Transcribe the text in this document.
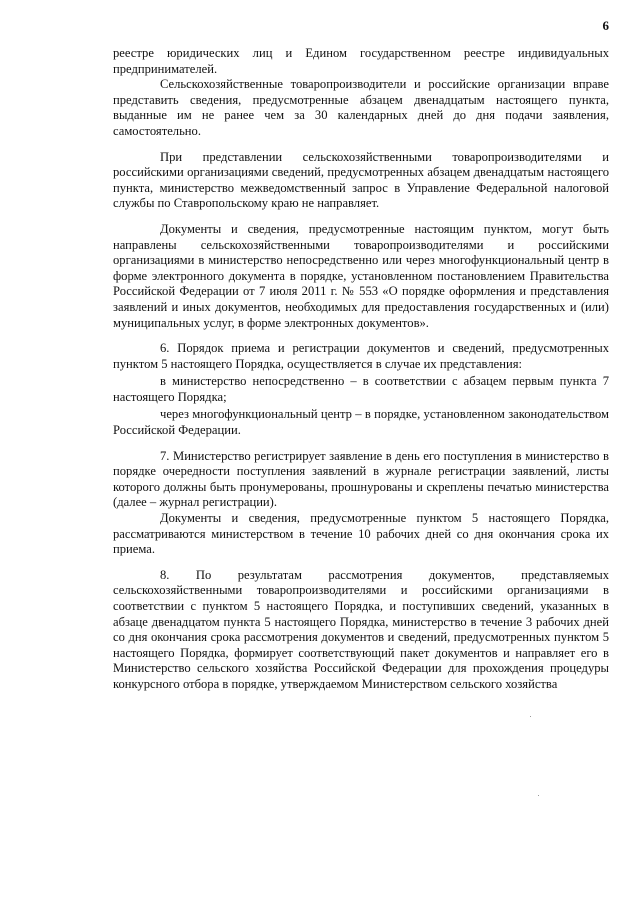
6

реестре юридических лиц и Едином государственном реестре индивидуальных предпринимателей.

Сельскохозяйственные товаропроизводители и российские организации вправе представить сведения, предусмотренные абзацем двенадцатым настоящего пункта, выданные им не ранее чем за 30 календарных дней до дня подачи заявления, самостоятельно.

При представлении сельскохозяйственными товаропроизводителями и российскими организациями сведений, предусмотренных абзацем двенадцатым настоящего пункта, министерство межведомственный запрос в Управление Федеральной налоговой службы по Ставропольскому краю не направляет.

Документы и сведения, предусмотренные настоящим пунктом, могут быть направлены сельскохозяйственными товаропроизводителями и российскими организациями в министерство непосредственно или через многофункциональный центр в форме электронного документа в порядке, установленном постановлением Правительства Российской Федерации от 7 июля 2011 г. № 553 «О порядке оформления и представления заявлений и иных документов, необходимых для предоставления государственных и (или) муниципальных услуг, в форме электронных документов».

6. Порядок приема и регистрации документов и сведений, предусмотренных пунктом 5 настоящего Порядка, осуществляется в случае их представления:

в министерство непосредственно – в соответствии с абзацем первым пункта 7 настоящего Порядка;

через многофункциональный центр – в порядке, установленном законодательством Российской Федерации.

7. Министерство регистрирует заявление в день его поступления в министерство в порядке очередности поступления заявлений в журнале регистрации заявлений, листы которого должны быть пронумерованы, прошнурованы и скреплены печатью министерства (далее – журнал регистрации).

Документы и сведения, предусмотренные пунктом 5 настоящего Порядка, рассматриваются министерством в течение 10 рабочих дней со дня окончания срока их приема.

8. По результатам рассмотрения документов, представляемых сельскохозяйственными товаропроизводителями и российскими организациями в соответствии с пунктом 5 настоящего Порядка, и поступивших сведений, указанных в абзаце двенадцатом пункта 5 настоящего Порядка, министерство в течение 3 рабочих дней со дня окончания срока рассмотрения документов и сведений, предусмотренных пунктом 5 настоящего Порядка, формирует соответствующий пакет документов и направляет его в Министерство сельского хозяйства Российской Федерации для прохождения процедуры конкурсного отбора в порядке, утверждаемом Министерством сельского хозяйства
